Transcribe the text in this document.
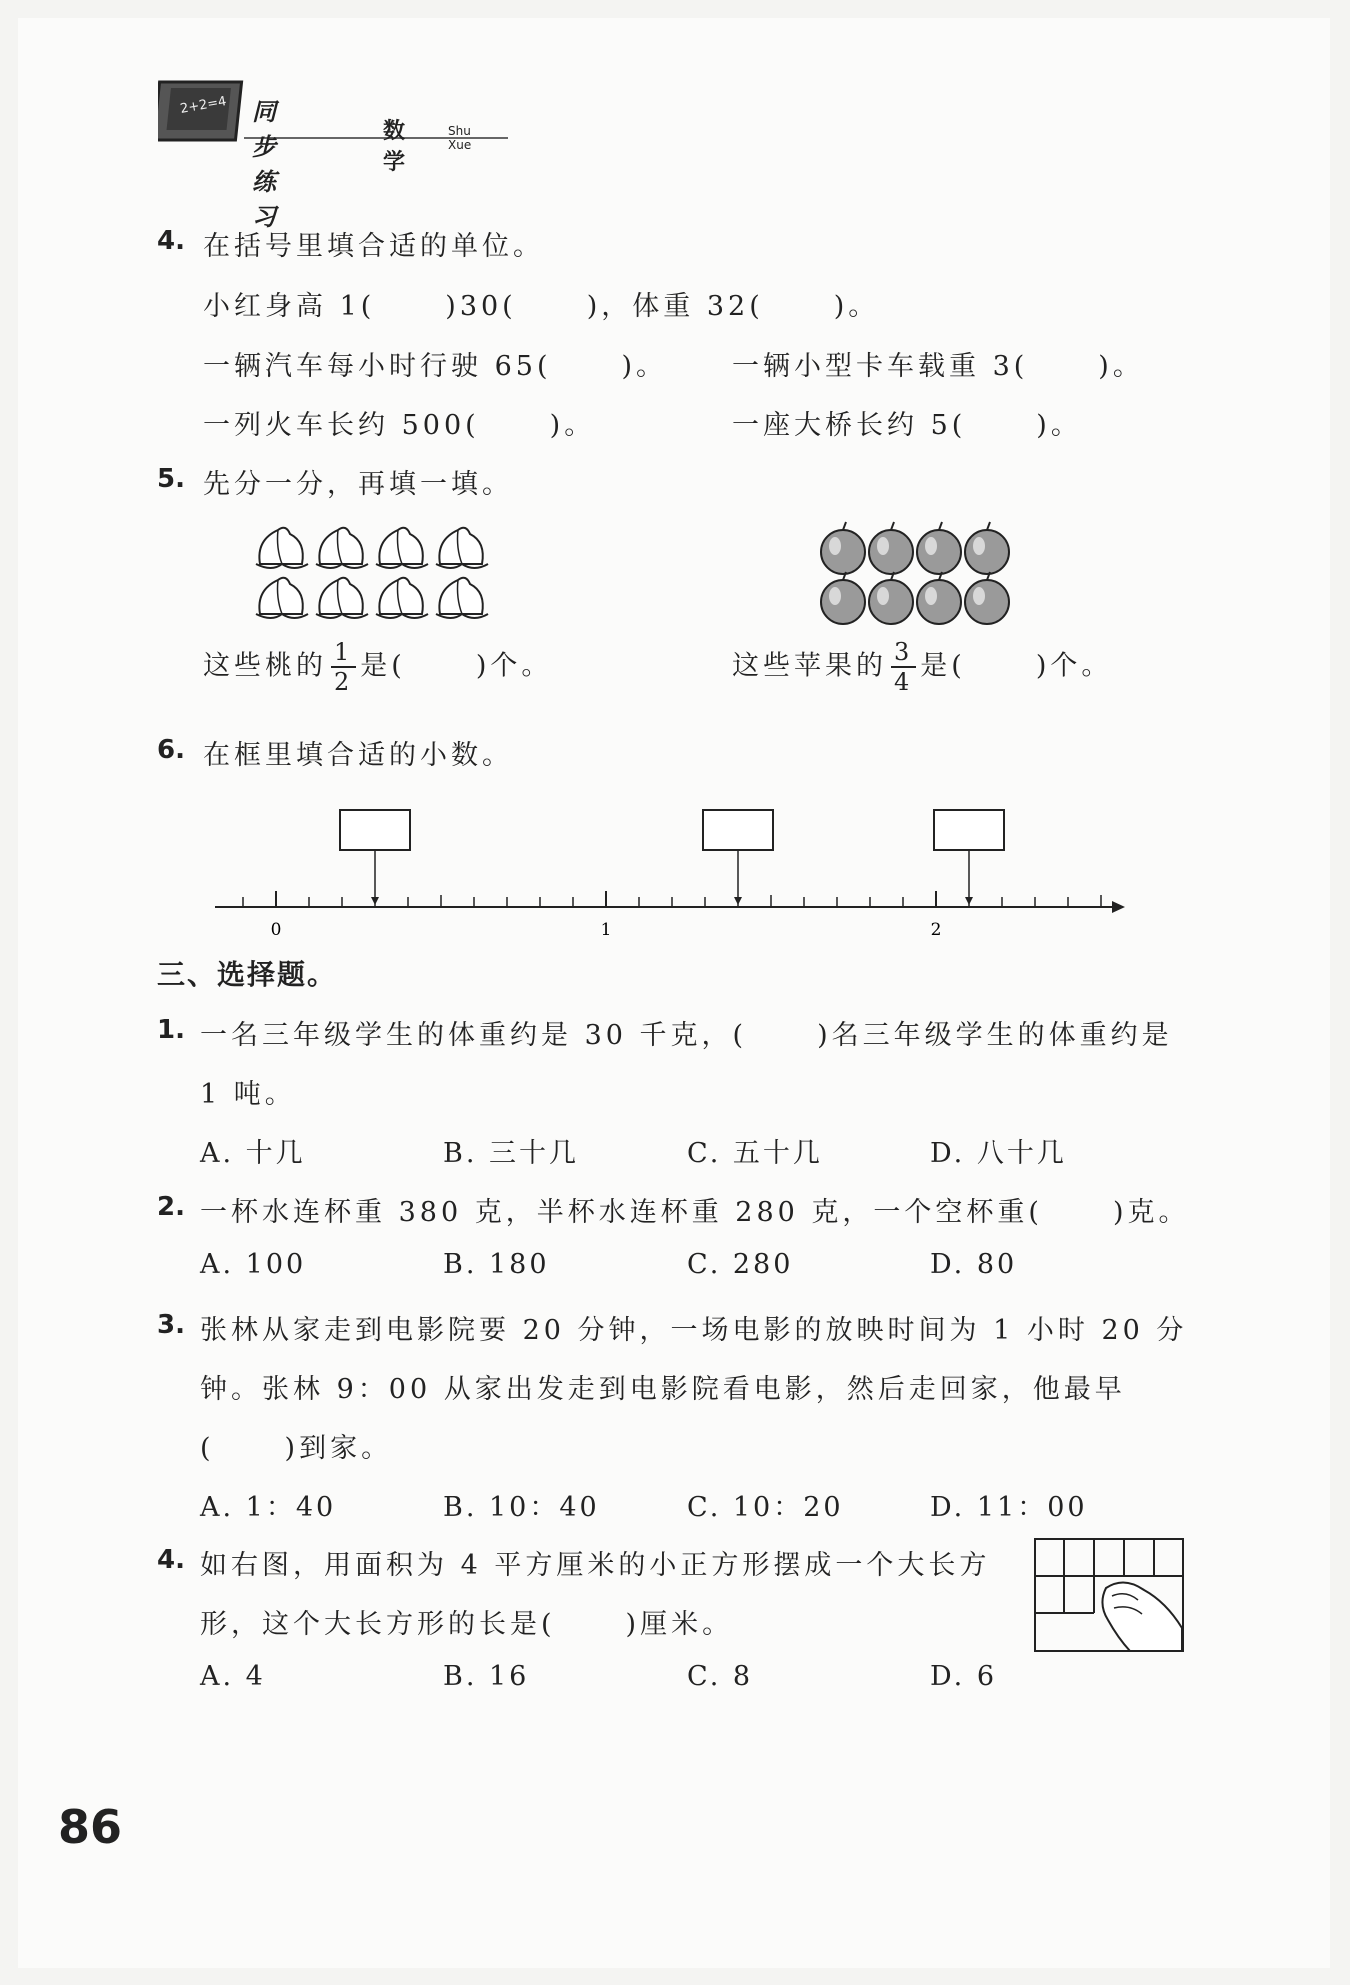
2+2=4 同步练习
数学
Shu Xue
4. 在括号里填合适的单位。
小红身高 1(	)30(	)，体重 32(	)。
一辆汽车每小时行驶 65(	)。 一辆小型卡车载重 3(	)。
一列火车长约 500(	)。	一座大桥长约 5(	)。
5. 先分一分，再填一填。
这些桃的 $\frac{1}{2}$ 是(	)个。	这些苹果的 $\frac{3}{4}$ 是(	)个。
6. 在框里填合适的小数。
0	1	2
三、选择题。
1. 一名三年级学生的体重约是 30 千克，(	)名三年级学生的体重约是
1 吨。
A. 十几	B. 三十几	C. 五十几	D. 八十几
2. 一杯水连杯重 380 克，半杯水连杯重 280 克，一个空杯重(	)克。
A. 100	B. 180	C. 280	D. 80
3. 张林从家走到电影院要 20 分钟，一场电影的放映时间为 1 小时 20 分
钟。张林 9：00 从家出发走到电影院看电影，然后走回家，他最早
(	)到家。
A. 1：40	B. 10：40	C. 10：20	D. 11：00
4. 如右图，用面积为 4 平方厘米的小正方形摆成一个大长方
形，这个大长方形的长是(	)厘米。
A. 4	B. 16	C. 8	D. 6
86
